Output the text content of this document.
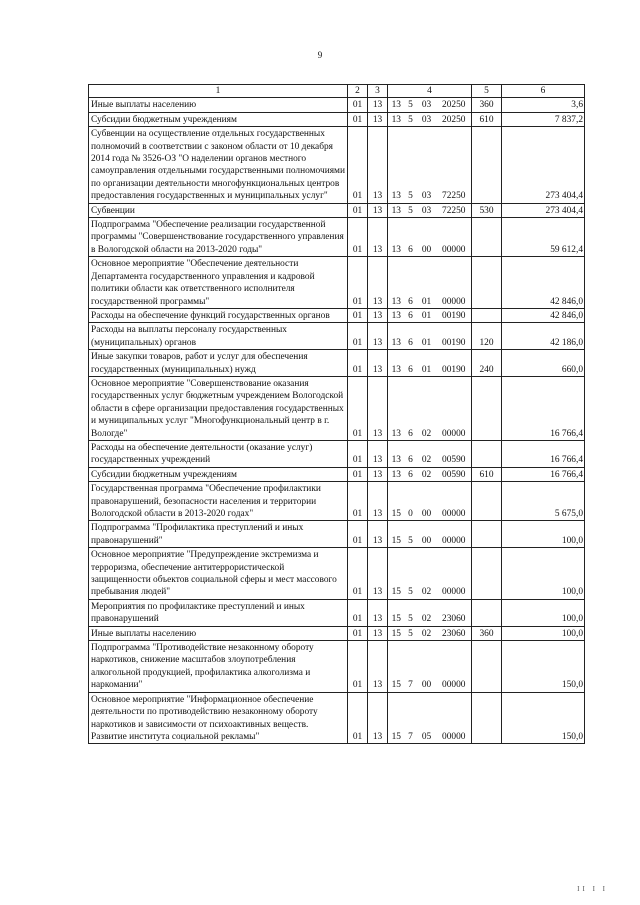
9
1	2	3	4				5	6
Иные выплаты населению	01	13	13	5	03	20250	360	3,6
Субсидии бюджетным учреждениям	01	13	13	5	03	20250	610	7 837,2
Субвенции на осуществление отдельных государственных полномочий в соответствии с законом области от 10 декабря 2014 года № 3526-ОЗ "О наделении органов местного самоуправления отдельными государственными полномочиями по организации деятельности многофункциональных центров предоставления государственных и муниципальных услуг"	01	13	13	5	03	72250		273 404,4
Субвенции	01	13	13	5	03	72250	530	273 404,4
Подпрограмма "Обеспечение реализации государственной программы "Совершенствование государственного управления в Вологодской области на 2013-2020 годы"	01	13	13	6	00	00000		59 612,4
Основное мероприятие "Обеспечение деятельности Департамента государственного управления и кадровой политики области как ответственного исполнителя государственной программы"	01	13	13	6	01	00000		42 846,0
Расходы на обеспечение функций государственных органов	01	13	13	6	01	00190		42 846,0
Расходы на выплаты персоналу государственных (муниципальных) органов	01	13	13	6	01	00190	120	42 186,0
Иные закупки товаров, работ и услуг для обеспечения государственных (муниципальных) нужд	01	13	13	6	01	00190	240	660,0
Основное мероприятие "Совершенствование оказания государственных услуг бюджетным учреждением Вологодской области в сфере организации предоставления государственных и муниципальных услуг "Многофункциональный центр в г. Вологде"	01	13	13	6	02	00000		16 766,4
Расходы на обеспечение деятельности (оказание услуг) государственных учреждений	01	13	13	6	02	00590		16 766,4
Субсидии бюджетным учреждениям	01	13	13	6	02	00590	610	16 766,4
Государственная программа "Обеспечение профилактики правонарушений, безопасности населения и территории Вологодской области в 2013-2020 годах"	01	13	15	0	00	00000		5 675,0
Подпрограмма "Профилактика преступлений и иных правонарушений"	01	13	15	5	00	00000		100,0
Основное мероприятие "Предупреждение экстремизма и терроризма, обеспечение антитеррористической защищенности объектов социальной сферы и мест массового пребывания людей"	01	13	15	5	02	00000		100,0
Мероприятия по профилактике преступлений и иных правонарушений	01	13	15	5	02	23060		100,0
Иные выплаты населению	01	13	15	5	02	23060	360	100,0
Подпрограмма "Противодействие незаконному обороту наркотиков, снижение масштабов злоупотребления алкогольной продукцией, профилактика алкоголизма и наркомании"	01	13	15	7	00	00000		150,0
Основное мероприятие "Информационное обеспечение деятельности по противодействию незаконному обороту наркотиков и зависимости от психоактивных веществ. Развитие института социальной рекламы"	01	13	15	7	05	00000		150,0
II I I
